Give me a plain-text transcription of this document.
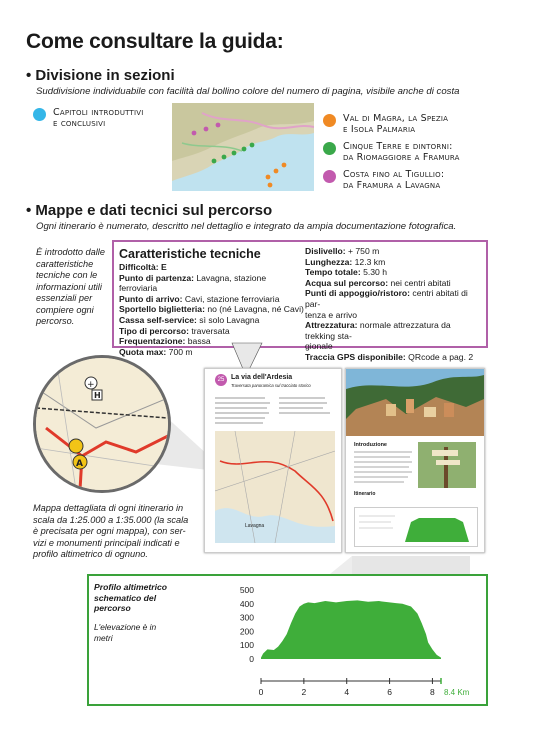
Come consultare la guida:
• Divisione in sezioni
Suddivisione individuabile con facilità dal bollino colore del numero di pagina, visibile anche di costa
Capitoli introduttivi
e conclusivi	Val di Magra, la Spezia
e Isola Palmaria
Cinque Terre e dintorni:
da Riomaggiore a Framura
Costa fino al Tigullio:
da Framura a Lavagna
• Mappe e dati tecnici sul percorso
Ogni itinerario è numerato, descritto nel dettaglio e integrato da ampia documentazione fotografica.
È introdotto dalle
caratteristiche
tecniche con le
informazioni utili
essenziali per
compiere ogni
percorso.
Caratteristiche tecniche
Difficoltà: E
Punto di partenza: Lavagna, stazione ferroviaria
Punto di arrivo: Cavi, stazione ferroviaria
Sportello biglietteria: no (né Lavagna, né Cavi)
Cassa self-service: sì solo Lavagna
Tipo di percorso: traversata
Frequentazione: bassa
Quota max: 700 m
Dislivello: + 750 m
Lunghezza: 12.3 km
Tempo totale: 5.30 h
Acqua sul percorso: nei centri abitati
Punti di appoggio/ristoro: centri abitati di par-
tenza e arrivo
Attrezzatura: normale attrezzatura da trekking sta-
gionale
Traccia GPS disponibile: QRcode a pag. 2
+
H
A
25 La via dell'Ardesia
Traversata panoramica sul tracciato storico
Lavagna
Introduzione
Itinerario
Mappa dettagliata di ogni itinerario in
scala da 1:25.000 a 1:35.000 (la scala
è precisata per ogni mappa), con ser-
vizi e monumenti principali indicati e
profilo altimetrico di ognuno.
Profilo altimetrico
schematico del
percorso
L'elevazione è in
metri
500
400
300
200
100
0
0	2	4	6	8 8.4 Km
